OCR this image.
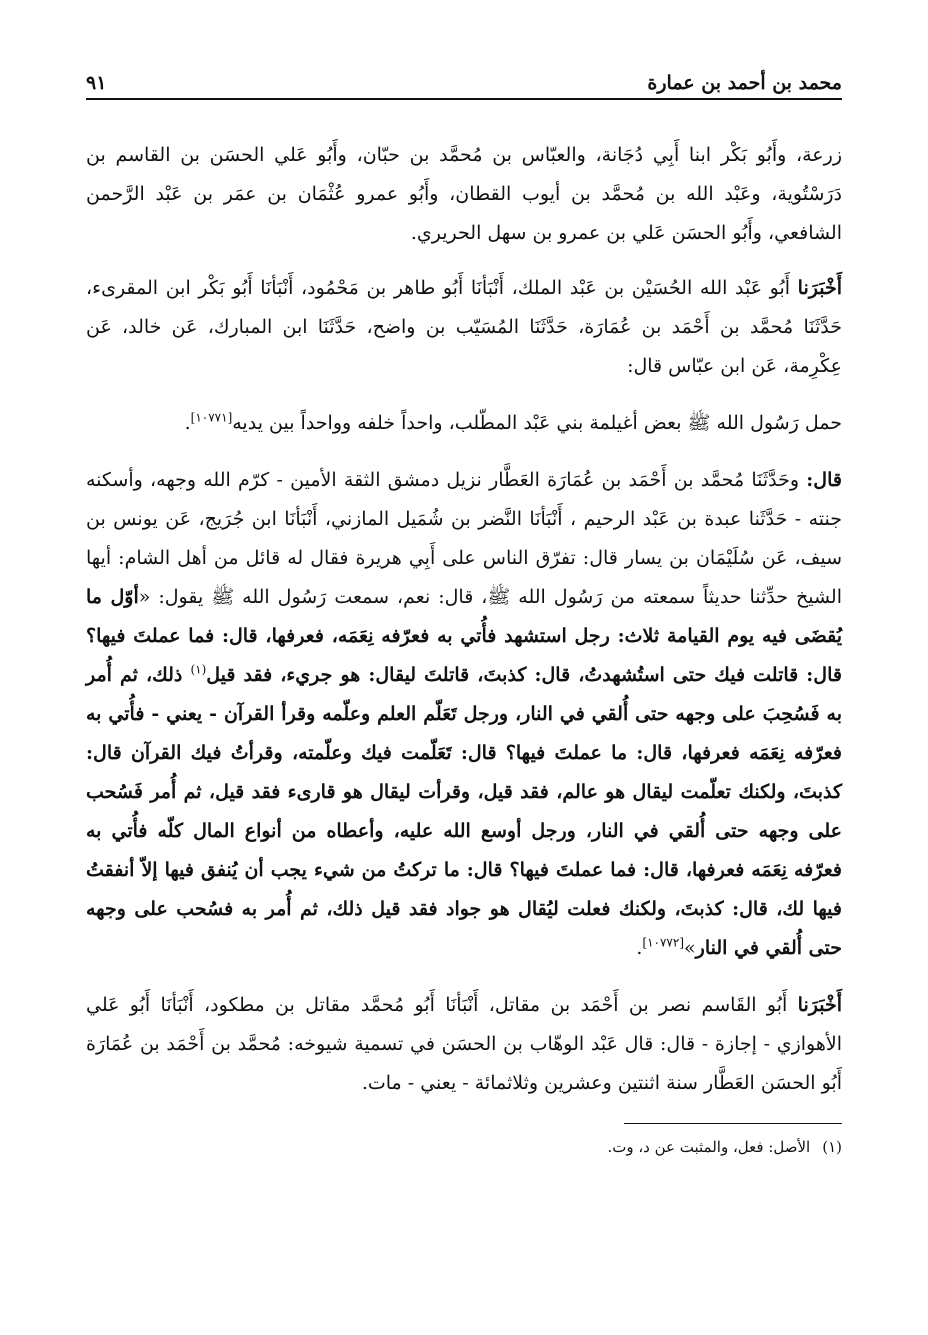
محمد بن أحمد بن عمارة
٩١

زرعة، وأَبُو بَكْر ابنا أَبِي دُجَانة، والعبّاس بن مُحمَّد بن حبّان، وأَبُو عَلي الحسَن بن القاسم بن دَرَسْتُوية، وعَبْد الله بن مُحمَّد بن أيوب القطان، وأَبُو عمرو عُثْمَان بن عمَر بن عَبْد الرَّحمن الشافعي، وأَبُو الحسَن عَلي بن عمرو بن سهل الحريري.

أَخْبَرَنا أَبُو عَبْد الله الحُسَيْن بن عَبْد الملك، أَنْبَأنَا أَبُو طاهر بن مَحْمُود، أَنْبَأنَا أَبُو بَكْر ابن المقرىء، حَدَّثَنَا مُحمَّد بن أَحْمَد بن عُمَارَة، حَدَّثَنَا المُسَيّب بن واضح، حَدَّثَنَا ابن المبارك، عَن خالد، عَن عِكْرِمة، عَن ابن عبّاس قال:

حمل رَسُول الله ﷺ بعض أغيلمة بني عَبْد المطّلب، واحداً خلفه وواحداً بين يديه[١٠٧٧١].

قال: وحَدَّثَنَا مُحمَّد بن أَحْمَد بن عُمَارَة العَطَّار نزيل دمشق الثقة الأمين - كرّم الله وجهه، وأسكنه جنته - حَدَّثَنا عبدة بن عَبْد الرحيم ، أَنْبَأنَا النَّضر بن شُمَيل المازني، أَنْبَأنَا ابن جُرَيج، عَن يونس بن سيف، عَن سُلَيْمَان بن يسار قال: تفرّق الناس على أَبِي هريرة فقال له قائل من أهل الشام: أيها الشيخ حدِّثنا حديثاً سمعته من رَسُول الله ﷺ، قال: نعم، سمعت رَسُول الله ﷺ يقول: «أوّل ما يُقضَى فيه يوم القيامة ثلاث: رجل استشهد فأُتي به فعرّفه نِعَمَه، فعرفها، قال: فما عملتَ فيها؟ قال: قاتلت فيك حتى استُشهدتُ، قال: كذبتَ، قاتلتَ ليقال: هو جريء، فقد قيل$^{(١)}$ ذلك، ثم أُمر به فَسُحِبَ على وجهه حتى أُلقي في النار، ورجل تَعَلّم العلم وعلّمه وقرأ القرآن - يعني - فأُتي به فعرّفه نِعَمَه فعرفها، قال: ما عملتَ فيها؟ قال: تَعَلّمت فيك وعلّمته، وقرأتُ فيك القرآن قال: كذبتَ، ولكنك تعلّمت ليقال هو عالم، فقد قيل، وقرأت ليقال هو قارىء فقد قيل، ثم أُمر فَسُحب على وجهه حتى أُلقي في النار، ورجل أوسع الله عليه، وأعطاه من أنواع المال كلّه فأُتي به فعرّفه نِعَمَه فعرفها، قال: فما عملتَ فيها؟ قال: ما تركتُ من شيء يجب أن يُنفق فيها إلاّ أنفقتُ فيها لك، قال: كذبتَ، ولكنك فعلت ليُقال هو جواد فقد قيل ذلك، ثم أُمر به فسُحب على وجهه حتى أُلقي في النار»[١٠٧٧٢].

أَخْبَرَنا أَبُو القَاسم نصر بن أَحْمَد بن مقاتل، أَنْبَأنَا أَبُو مُحمَّد مقاتل بن مطكود، أَنْبَأنَا أَبُو عَلي الأهوازي - إجازة - قال: قال عَبْد الوهّاب بن الحسَن في تسمية شيوخه: مُحمَّد بن أَحْمَد بن عُمَارَة أَبُو الحسَن العَطَّار سنة اثنتين وعشرين وثلاثمائة - يعني - مات.

(١)الأصل: فعل، والمثبت عن د، وت.
